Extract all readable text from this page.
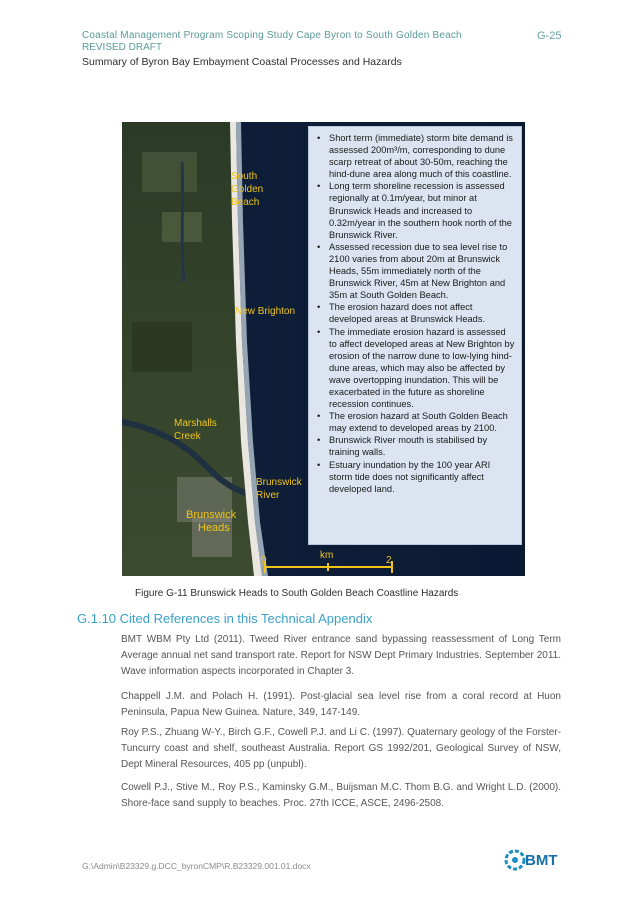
Coastal Management Program Scoping Study Cape Byron to South Golden Beach	G-25
REVISED DRAFT
Summary of Byron Bay Embayment Coastal Processes and Hazards
South
Golden
Beach
New Brighton
Marshalls
Creek
Brunswick
River
Brunswick
Heads
• Short term (immediate) storm bite demand is assessed 200m³/m, corresponding to dune scarp retreat of about 30-50m, reaching the hind-dune area along much of this coastline.
• Long term shoreline recession is assessed regionally at 0.1m/year, but minor at Brunswick Heads and increased to 0.32m/year in the southern hook north of the Brunswick River.
• Assessed recession due to sea level rise to 2100 varies from about 20m at Brunswick Heads, 55m immediately north of the Brunswick River, 45m at New Brighton and 35m at South Golden Beach.
• The erosion hazard does not affect developed areas at Brunswick Heads.
• The immediate erosion hazard is assessed to affect developed areas at New Brighton by erosion of the narrow dune to low-lying hind-dune areas, which may also be affected by wave overtopping inundation. This will be exacerbated in the future as shoreline recession continues.
• The erosion hazard at South Golden Beach may extend to developed areas by 2100.
• Brunswick River mouth is stabilised by training walls.
• Estuary inundation by the 100 year ARI storm tide does not significantly affect developed land.
km
0	2
Figure G-11 Brunswick Heads to South Golden Beach Coastline Hazards
G.1.10 Cited References in this Technical Appendix
BMT WBM Pty Ltd (2011). Tweed River entrance sand bypassing reassessment of Long Term Average annual net sand transport rate. Report for NSW Dept Primary Industries. September 2011. Wave information aspects incorporated in Chapter 3.
Chappell J.M. and Polach H. (1991). Post-glacial sea level rise from a coral record at Huon Peninsula, Papua New Guinea. Nature, 349, 147-149.
Roy P.S., Zhuang W-Y., Birch G.F., Cowell P.J. and Li C. (1997). Quaternary geology of the Forster-Tuncurry coast and shelf, southeast Australia. Report GS 1992/201, Geological Survey of NSW, Dept Mineral Resources, 405 pp (unpubl).
Cowell P.J., Stive M., Roy P.S., Kaminsky G.M., Buijsman M.C. Thom B.G. and Wright L.D. (2000). Shore-face sand supply to beaches. Proc. 27th ICCE, ASCE, 2496-2508.
G:\Admin\B23329.g.DCC_byronCMP\R.B23329.001.01.docx	BMT
